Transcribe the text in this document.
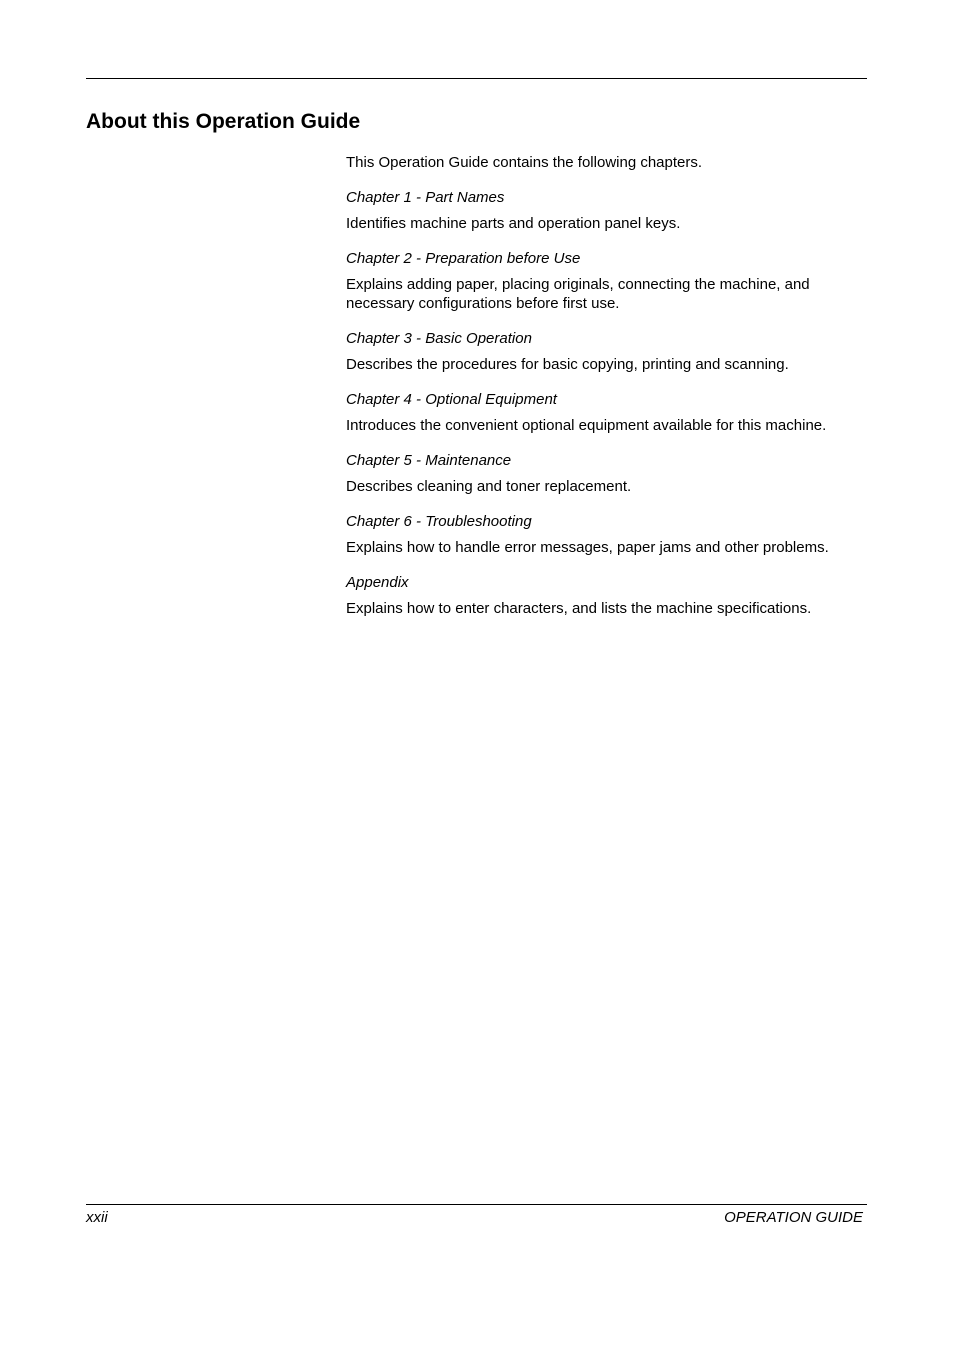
About this Operation Guide

This Operation Guide contains the following chapters.

Chapter 1 - Part Names

Identifies machine parts and operation panel keys.

Chapter 2 - Preparation before Use

Explains adding paper, placing originals, connecting the machine, and necessary configurations before first use.

Chapter 3 - Basic Operation

Describes the procedures for basic copying, printing and scanning.

Chapter 4 - Optional Equipment

Introduces the convenient optional equipment available for this machine.

Chapter 5 - Maintenance

Describes cleaning and toner replacement.

Chapter 6 - Troubleshooting

Explains how to handle error messages, paper jams and other problems.

Appendix

Explains how to enter characters, and lists the machine specifications.

xxii	OPERATION GUIDE
